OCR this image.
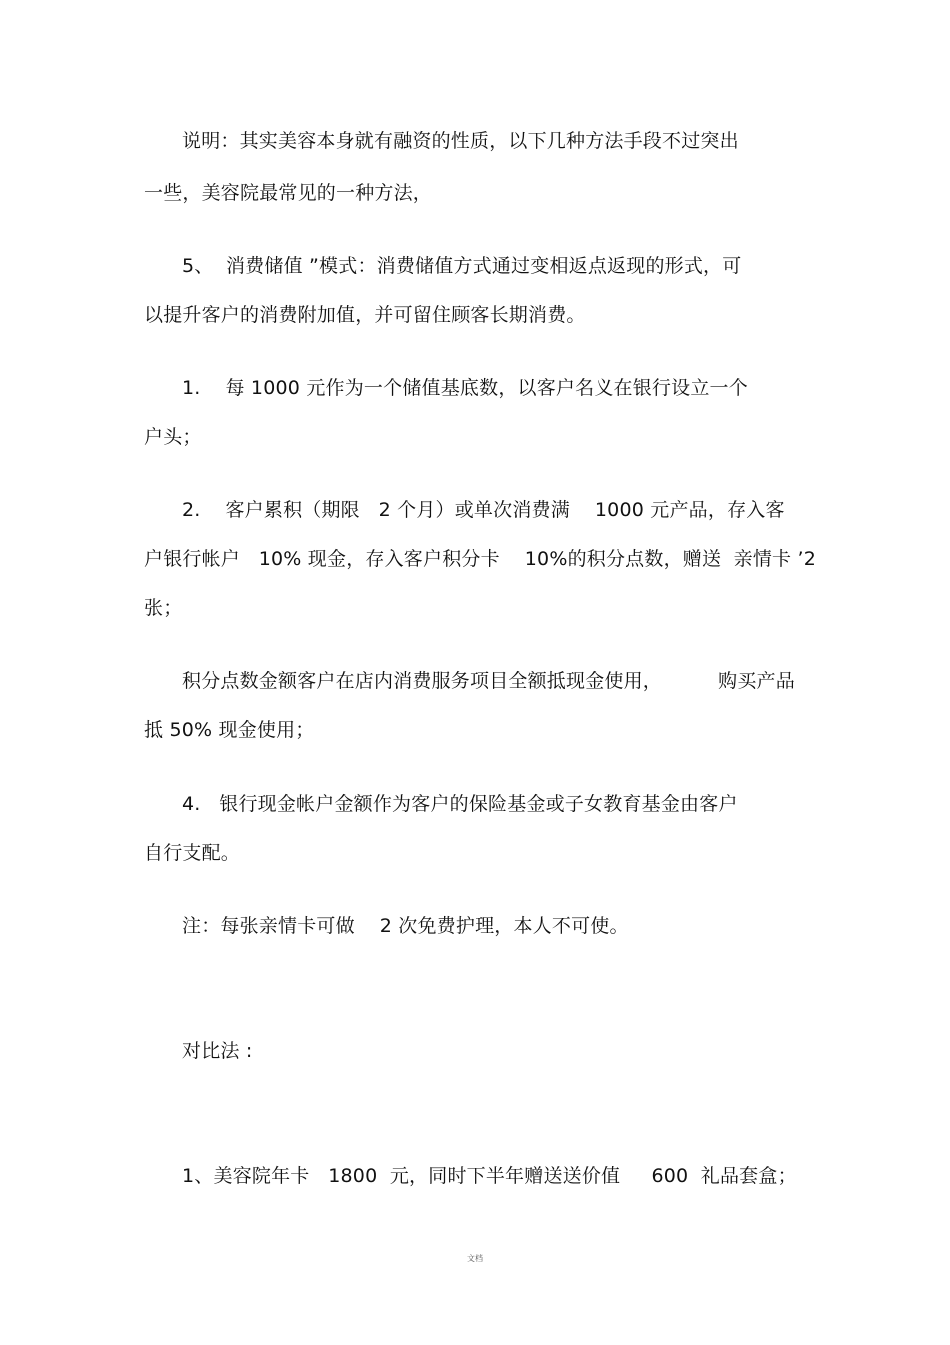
说明：其实美容本身就有融资的性质，以下几种方法手段不过突出
一些，美容院最常见的一种方法，
5、  消费储值 ”模式：消费储值方式通过变相返点返现的形式，可
以提升客户的消费附加值，并可留住顾客长期消费。
1.    每 1000 元作为一个储值基底数，以客户名义在银行设立一个
户头；
2.    客户累积（期限   2 个月）或单次消费满    1000 元产品，存入客
户银行帐户   10% 现金，存入客户积分卡    10%的积分点数，赠送  亲情卡 ’2
张；
积分点数金额客户在店内消费服务项目全额抵现金使用，         购买产品
抵 50% 现金使用；
4.   银行现金帐户金额作为客户的保险基金或子女教育基金由客户
自行支配。
注：每张亲情卡可做    2 次免费护理，本人不可使。
对比法 :
1、美容院年卡   1800  元，同时下半年赠送送价值     600  礼品套盒；
文档
